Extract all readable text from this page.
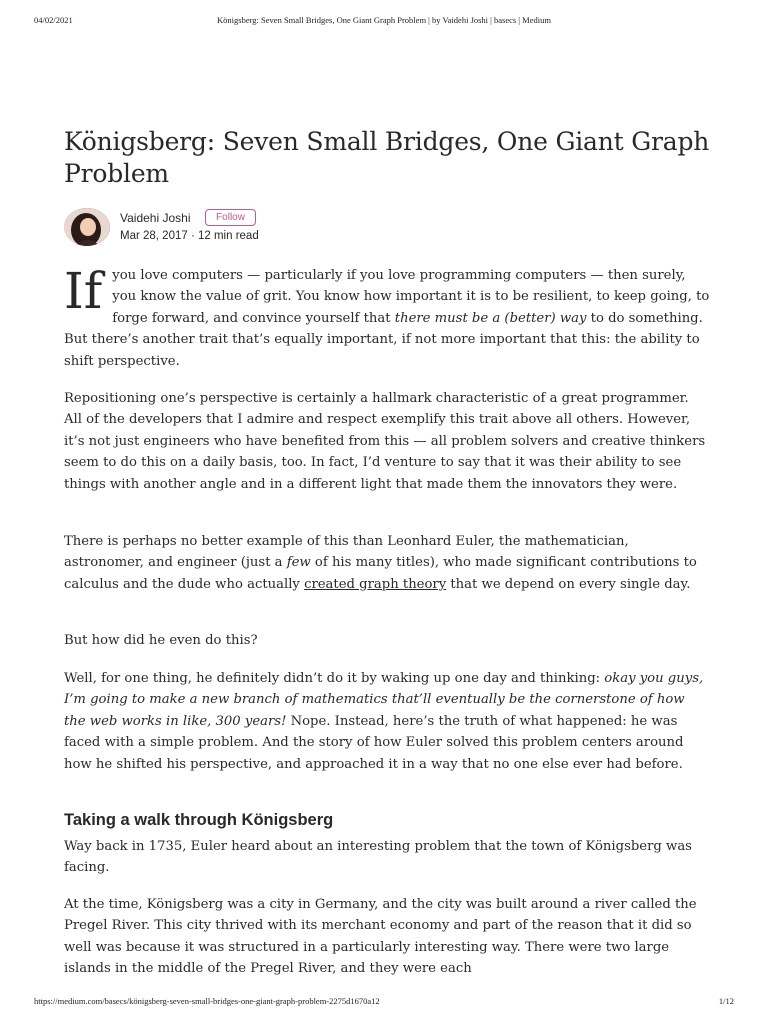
04/02/2021	Königsberg: Seven Small Bridges, One Giant Graph Problem | by Vaidehi Joshi | basecs | Medium
Königsberg: Seven Small Bridges, One Giant Graph Problem
Vaidehi Joshi	Follow
Mar 28, 2017 · 12 min read
If you love computers — particularly if you love programming computers — then surely, you know the value of grit. You know how important it is to be resilient, to keep going, to forge forward, and convince yourself that there must be a (better) way to do something. But there’s another trait that’s equally important, if not more important that this: the ability to shift perspective.
Repositioning one’s perspective is certainly a hallmark characteristic of a great programmer. All of the developers that I admire and respect exemplify this trait above all others. However, it’s not just engineers who have benefited from this — all problem solvers and creative thinkers seem to do this on a daily basis, too. In fact, I’d venture to say that it was their ability to see things with another angle and in a different light that made them the innovators they were.
There is perhaps no better example of this than Leonhard Euler, the mathematician, astronomer, and engineer (just a few of his many titles), who made significant contributions to calculus and the dude who actually created graph theory that we depend on every single day.
But how did he even do this?
Well, for one thing, he definitely didn’t do it by waking up one day and thinking: okay you guys, I’m going to make a new branch of mathematics that’ll eventually be the cornerstone of how the web works in like, 300 years! Nope. Instead, here’s the truth of what happened: he was faced with a simple problem. And the story of how Euler solved this problem centers around how he shifted his perspective, and approached it in a way that no one else ever had before.
Taking a walk through Königsberg
Way back in 1735, Euler heard about an interesting problem that the town of Königsberg was facing.
At the time, Königsberg was a city in Germany, and the city was built around a river called the Pregel River. This city thrived with its merchant economy and part of the reason that it did so well was because it was structured in a particularly interesting way. There were two large islands in the middle of the Pregel River, and they were each
https://medium.com/basecs/königsberg-seven-small-bridges-one-giant-graph-problem-2275d1670a12	1/12
